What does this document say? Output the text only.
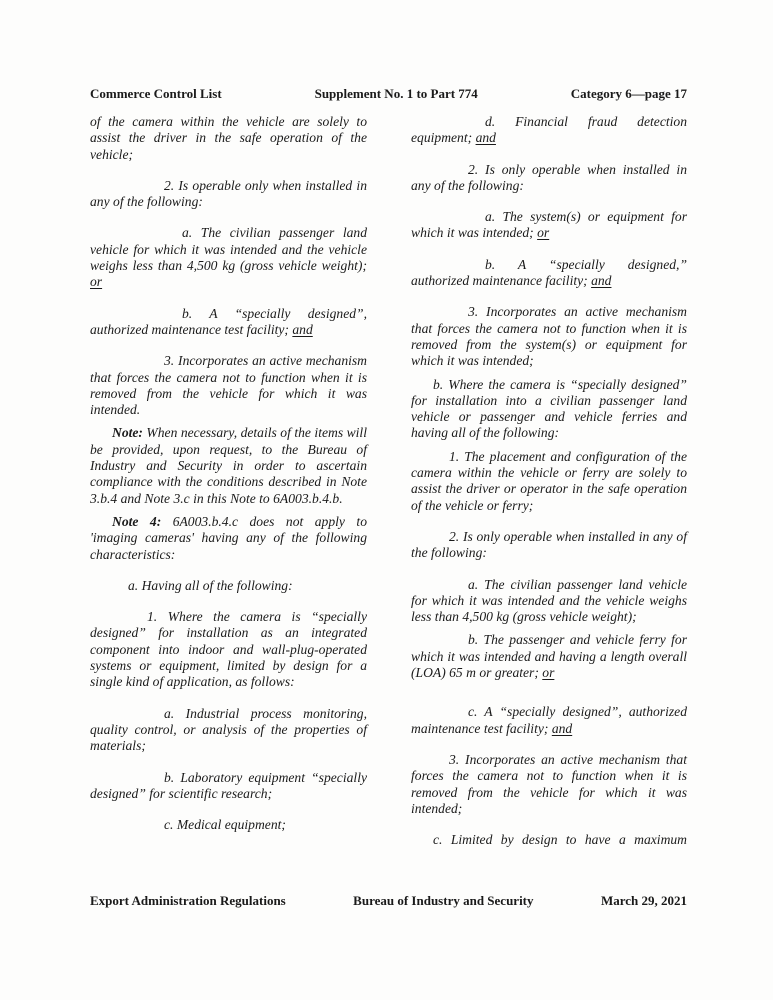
Commerce Control List	Supplement No. 1 to Part 774	Category 6—page 17

of the camera within the vehicle are solely to assist the driver in the safe operation of the vehicle;

2. Is operable only when installed in any of the following:

a. The civilian passenger land vehicle for which it was intended and the vehicle weighs less than 4,500 kg (gross vehicle weight); or

b. A “specially designed”, authorized maintenance test facility; and

3. Incorporates an active mechanism that forces the camera not to function when it is removed from the vehicle for which it was intended.

Note: When necessary, details of the items will be provided, upon request, to the Bureau of Industry and Security in order to ascertain compliance with the conditions described in Note 3.b.4 and Note 3.c in this Note to 6A003.b.4.b.

Note 4: 6A003.b.4.c does not apply to 'imaging cameras' having any of the following characteristics:

a. Having all of the following:

1. Where the camera is “specially designed” for installation as an integrated component into indoor and wall-plug-operated systems or equipment, limited by design for a single kind of application, as follows:

a. Industrial process monitoring, quality control, or analysis of the properties of materials;

b. Laboratory equipment “specially designed” for scientific research;

c. Medical equipment;

d. Financial fraud detection equipment; and

2. Is only operable when installed in any of the following:

a. The system(s) or equipment for which it was intended; or

b. A “specially designed,” authorized maintenance facility; and

3. Incorporates an active mechanism that forces the camera not to function when it is removed from the system(s) or equipment for which it was intended;

b. Where the camera is “specially designed” for installation into a civilian passenger land vehicle or passenger and vehicle ferries and having all of the following:

1. The placement and configuration of the camera within the vehicle or ferry are solely to assist the driver or operator in the safe operation of the vehicle or ferry;

2. Is only operable when installed in any of the following:

a. The civilian passenger land vehicle for which it was intended and the vehicle weighs less than 4,500 kg (gross vehicle weight);

b. The passenger and vehicle ferry for which it was intended and having a length overall (LOA) 65 m or greater; or

c. A “specially designed”, authorized maintenance test facility; and

3. Incorporates an active mechanism that forces the camera not to function when it is removed from the vehicle for which it was intended;

c. Limited by design to have a maximum

Export Administration Regulations	Bureau of Industry and Security	March 29, 2021
